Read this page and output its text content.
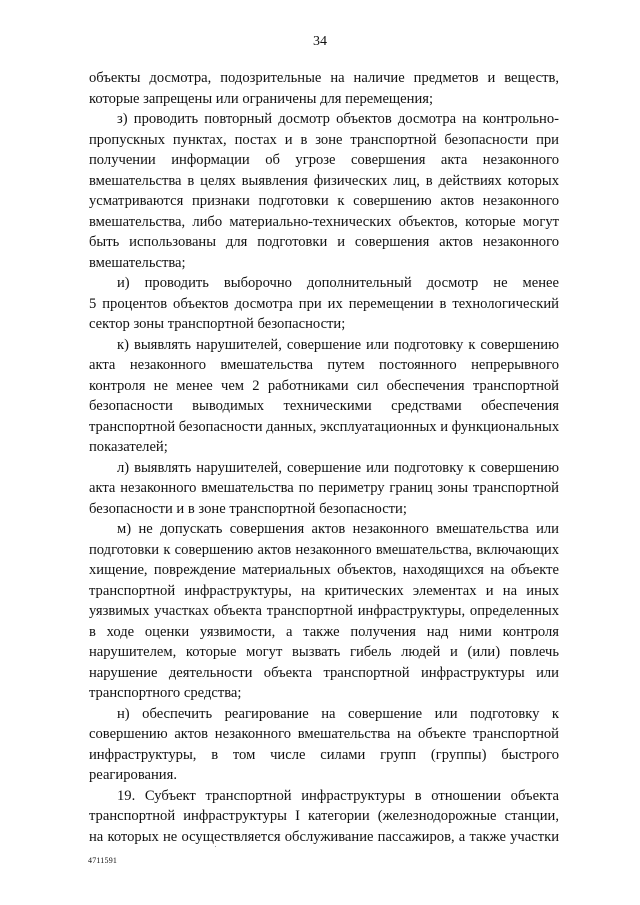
34
объекты досмотра, подозрительные на наличие предметов и веществ,
которые запрещены или ограничены для перемещения;
з) проводить повторный досмотр объектов досмотра на контрольно-
пропускных пунктах, постах и в зоне транспортной безопасности при
получении информации об угрозе совершения акта незаконного
вмешательства в целях выявления физических лиц, в действиях которых
усматриваются признаки подготовки к совершению актов незаконного
вмешательства, либо материально-технических объектов, которые могут
быть использованы для подготовки и совершения актов незаконного
вмешательства;
и) проводить выборочно дополнительный досмотр не менее
5 процентов объектов досмотра при их перемещении в технологический
сектор зоны транспортной безопасности;
к) выявлять нарушителей, совершение или подготовку к совершению
акта незаконного вмешательства путем постоянного непрерывного
контроля не менее чем 2 работниками сил обеспечения транспортной
безопасности выводимых техническими средствами обеспечения
транспортной безопасности данных, эксплуатационных и функциональных
показателей;
л) выявлять нарушителей, совершение или подготовку к совершению
акта незаконного вмешательства по периметру границ зоны транспортной
безопасности и в зоне транспортной безопасности;
м) не допускать совершения актов незаконного вмешательства или
подготовки к совершению актов незаконного вмешательства, включающих
хищение, повреждение материальных объектов, находящихся на объекте
транспортной инфраструктуры, на критических элементах и на иных
уязвимых участках объекта транспортной инфраструктуры, определенных
в ходе оценки уязвимости, а также получения над ними контроля
нарушителем, которые могут вызвать гибель людей и (или) повлечь
нарушение деятельности объекта транспортной инфраструктуры или
транспортного средства;
н) обеспечить реагирование на совершение или подготовку к
совершению актов незаконного вмешательства на объекте транспортной
инфраструктуры, в том числе силами групп (группы) быстрого
реагирования.
19. Субъект транспортной инфраструктуры в отношении объекта
транспортной инфраструктуры I категории (железнодорожные станции,
на которых не осуществляется обслуживание пассажиров, а также участки
4711591
